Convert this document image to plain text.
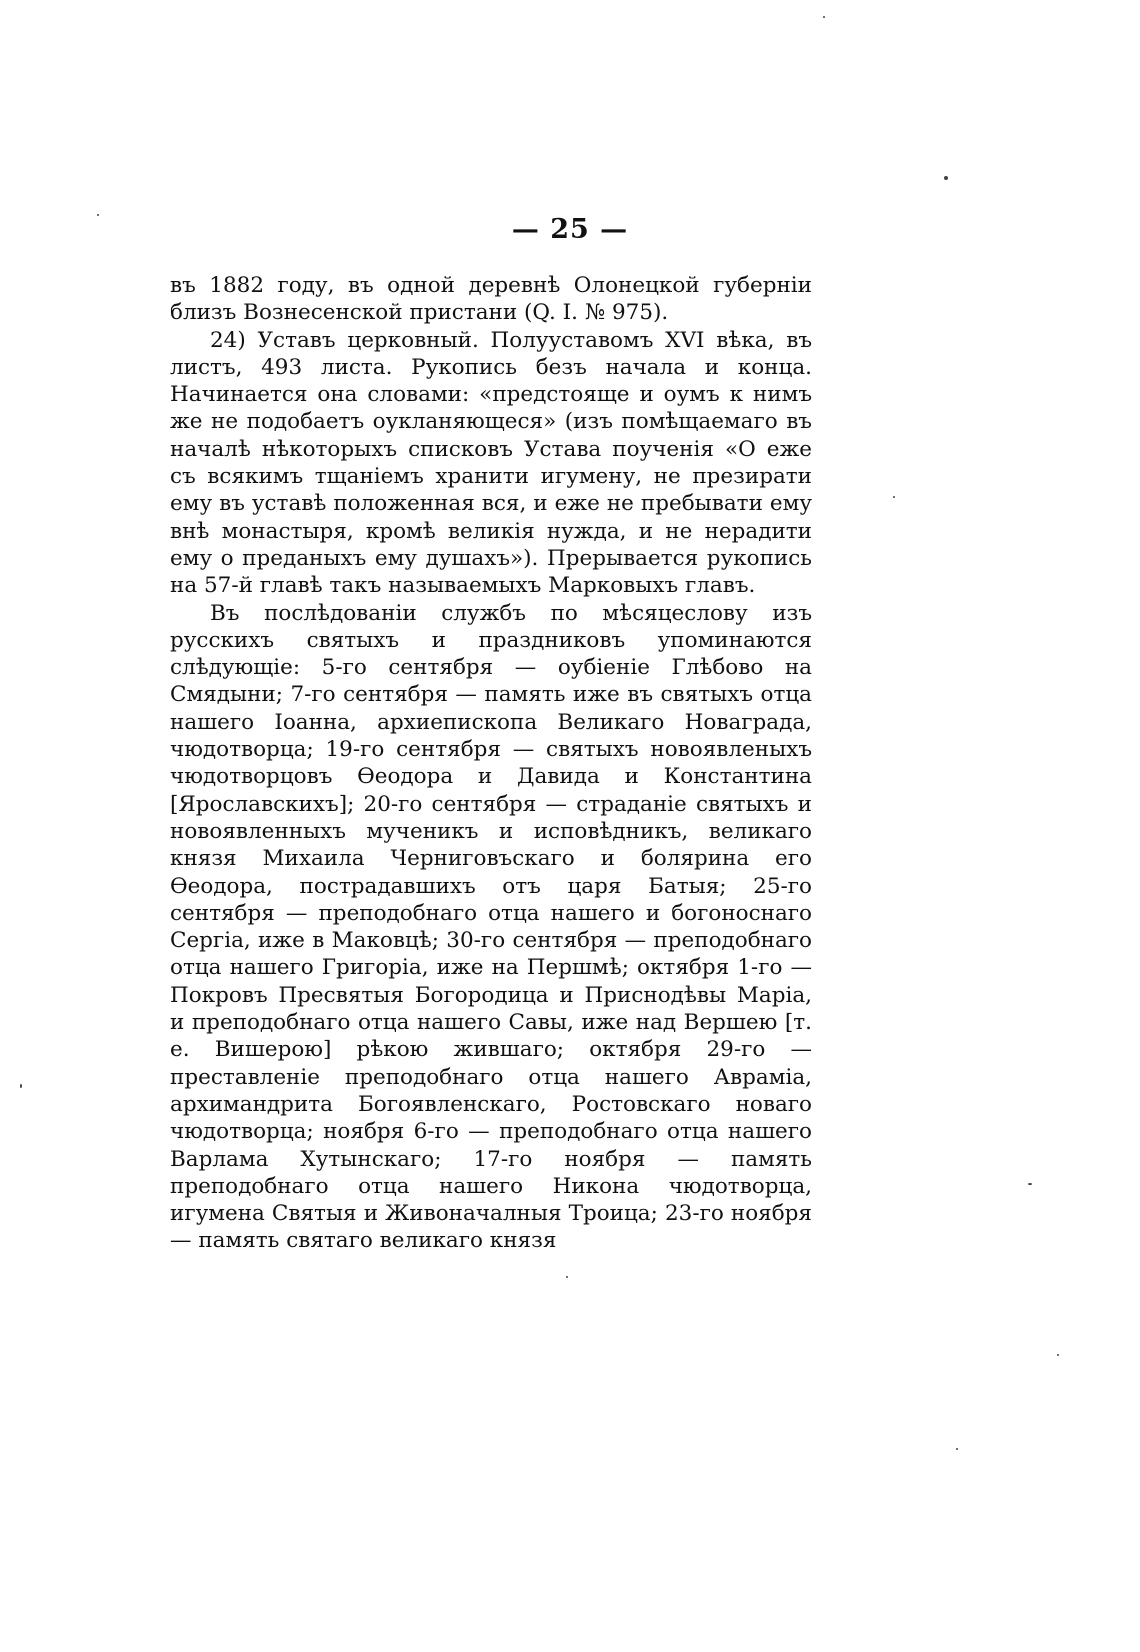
— 25 —

въ 1882 году, въ одной деревнѣ Олонецкой губерніи близъ Вознесенской пристани (Q. I. № 975).

24) Уставъ церковный. Полууставомъ XVI вѣка, въ листъ, 493 листа. Рукопись безъ начала и конца. Начинается она словами: «предстояще и оумъ к нимъ же не подобаетъ оукланяющеся» (изъ помѣщаемаго въ началѣ нѣкоторыхъ списковъ Устава поученія «О еже съ всякимъ тщаніемъ хранити игумену, не презирати ему въ уставѣ положенная вся, и еже не пребывати ему внѣ монастыря, кромѣ великія нужда, и не нерадити ему о преданыхъ ему душахъ»). Прерывается рукопись на 57-й главѣ такъ называемыхъ Марковыхъ главъ.

Въ послѣдованіи службъ по мѣсяцеслову изъ русскихъ святыхъ и праздниковъ упоминаются слѣдующіе: 5-го сентября — оубіеніе Глѣбово на Смядыни; 7-го сентября — память иже въ святыхъ отца нашего Іоанна, архиепископа Великаго Новаграда, чюдотворца; 19-го сентября — святыхъ новоявленыхъ чюдотворцовъ Ѳеодора и Давида и Константина [Ярославскихъ]; 20-го сентября — страданіе святыхъ и новоявленныхъ мученикъ и исповѣдникъ, великаго князя Михаила Черниговъскаго и болярина его Ѳеодора, пострадавшихъ отъ царя Батыя; 25-го сентября — преподобнаго отца нашего и богоноснаго Сергіа, иже в Маковцѣ; 30-го сентября — преподобнаго отца нашего Григоріа, иже на Першмѣ; октября 1-го — Покровъ Пресвятыя Богородица и Приснодѣвы Маріа, и преподобнаго отца нашего Савы, иже над Вершею [т. е. Вишерою] рѣкою жившаго; октября 29-го — преставленіе преподобнаго отца нашего Авраміа, архимандрита Богоявленскаго, Ростовскаго новаго чюдотворца; ноября 6-го — преподобнаго отца нашего Варлама Хутынскаго; 17-го ноября — память преподобнаго отца нашего Никона чюдотворца, игумена Святыя и Живоначалныя Троица; 23-го ноября — память святаго великаго князя
